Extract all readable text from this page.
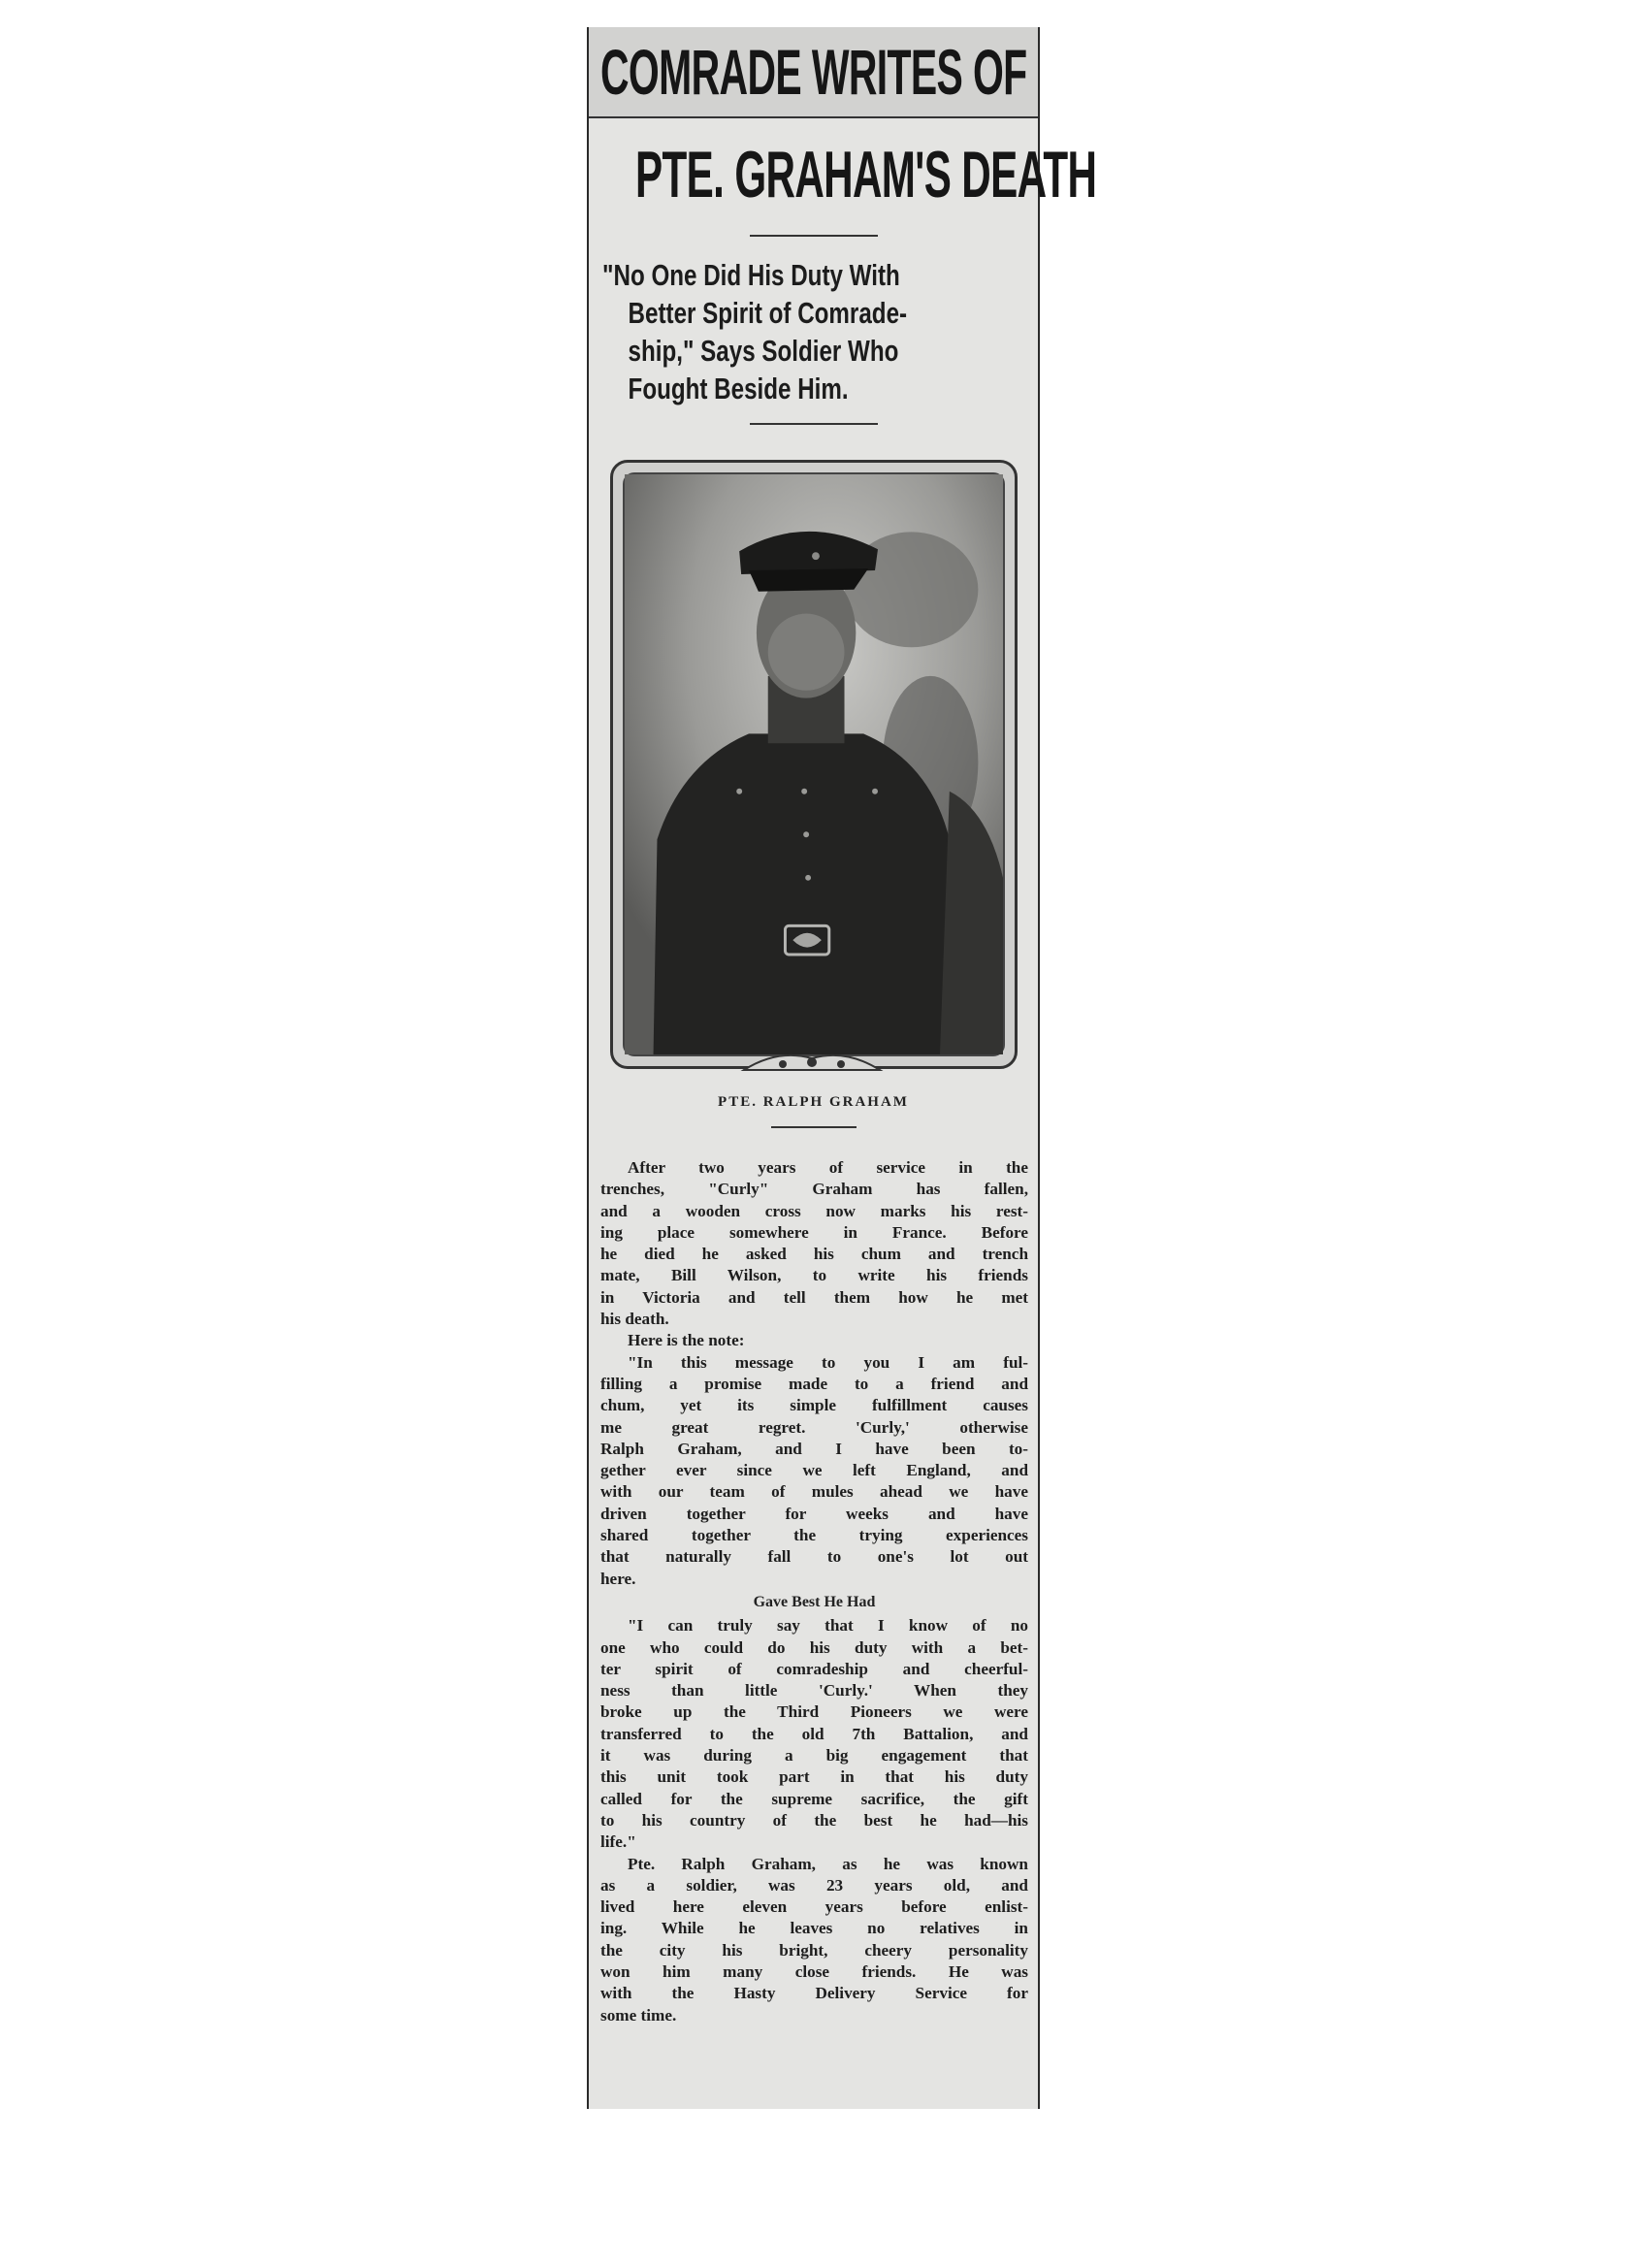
COMRADE WRITES OF
PTE. GRAHAM'S DEATH
"No One Did His Duty With
Better Spirit of Comrade-
ship," Says Soldier Who
Fought Beside Him.
PTE. RALPH GRAHAM

After two years of service in the
trenches, "Curly" Graham has fallen,
and a wooden cross now marks his rest-
ing place somewhere in France. Before
he died he asked his chum and trench
mate, Bill Wilson, to write his friends
in Victoria and tell them how he met
his death.

Here is the note:

"In this message to you I am ful-
filling a promise made to a friend and
chum, yet its simple fulfillment causes
me great regret. 'Curly,' otherwise
Ralph Graham, and I have been to-
gether ever since we left England, and
with our team of mules ahead we have
driven together for weeks and have
shared together the trying experiences
that naturally fall to one's lot out
here.

Gave Best He Had

"I can truly say that I know of no
one who could do his duty with a bet-
ter spirit of comradeship and cheerful-
ness than little 'Curly.' When they
broke up the Third Pioneers we were
transferred to the old 7th Battalion, and
it was during a big engagement that
this unit took part in that his duty
called for the supreme sacrifice, the gift
to his country of the best he had—his
life."

Pte. Ralph Graham, as he was known
as a soldier, was 23 years old, and
lived here eleven years before enlist-
ing. While he leaves no relatives in
the city his bright, cheery personality
won him many close friends. He was
with the Hasty Delivery Service for
some time.
